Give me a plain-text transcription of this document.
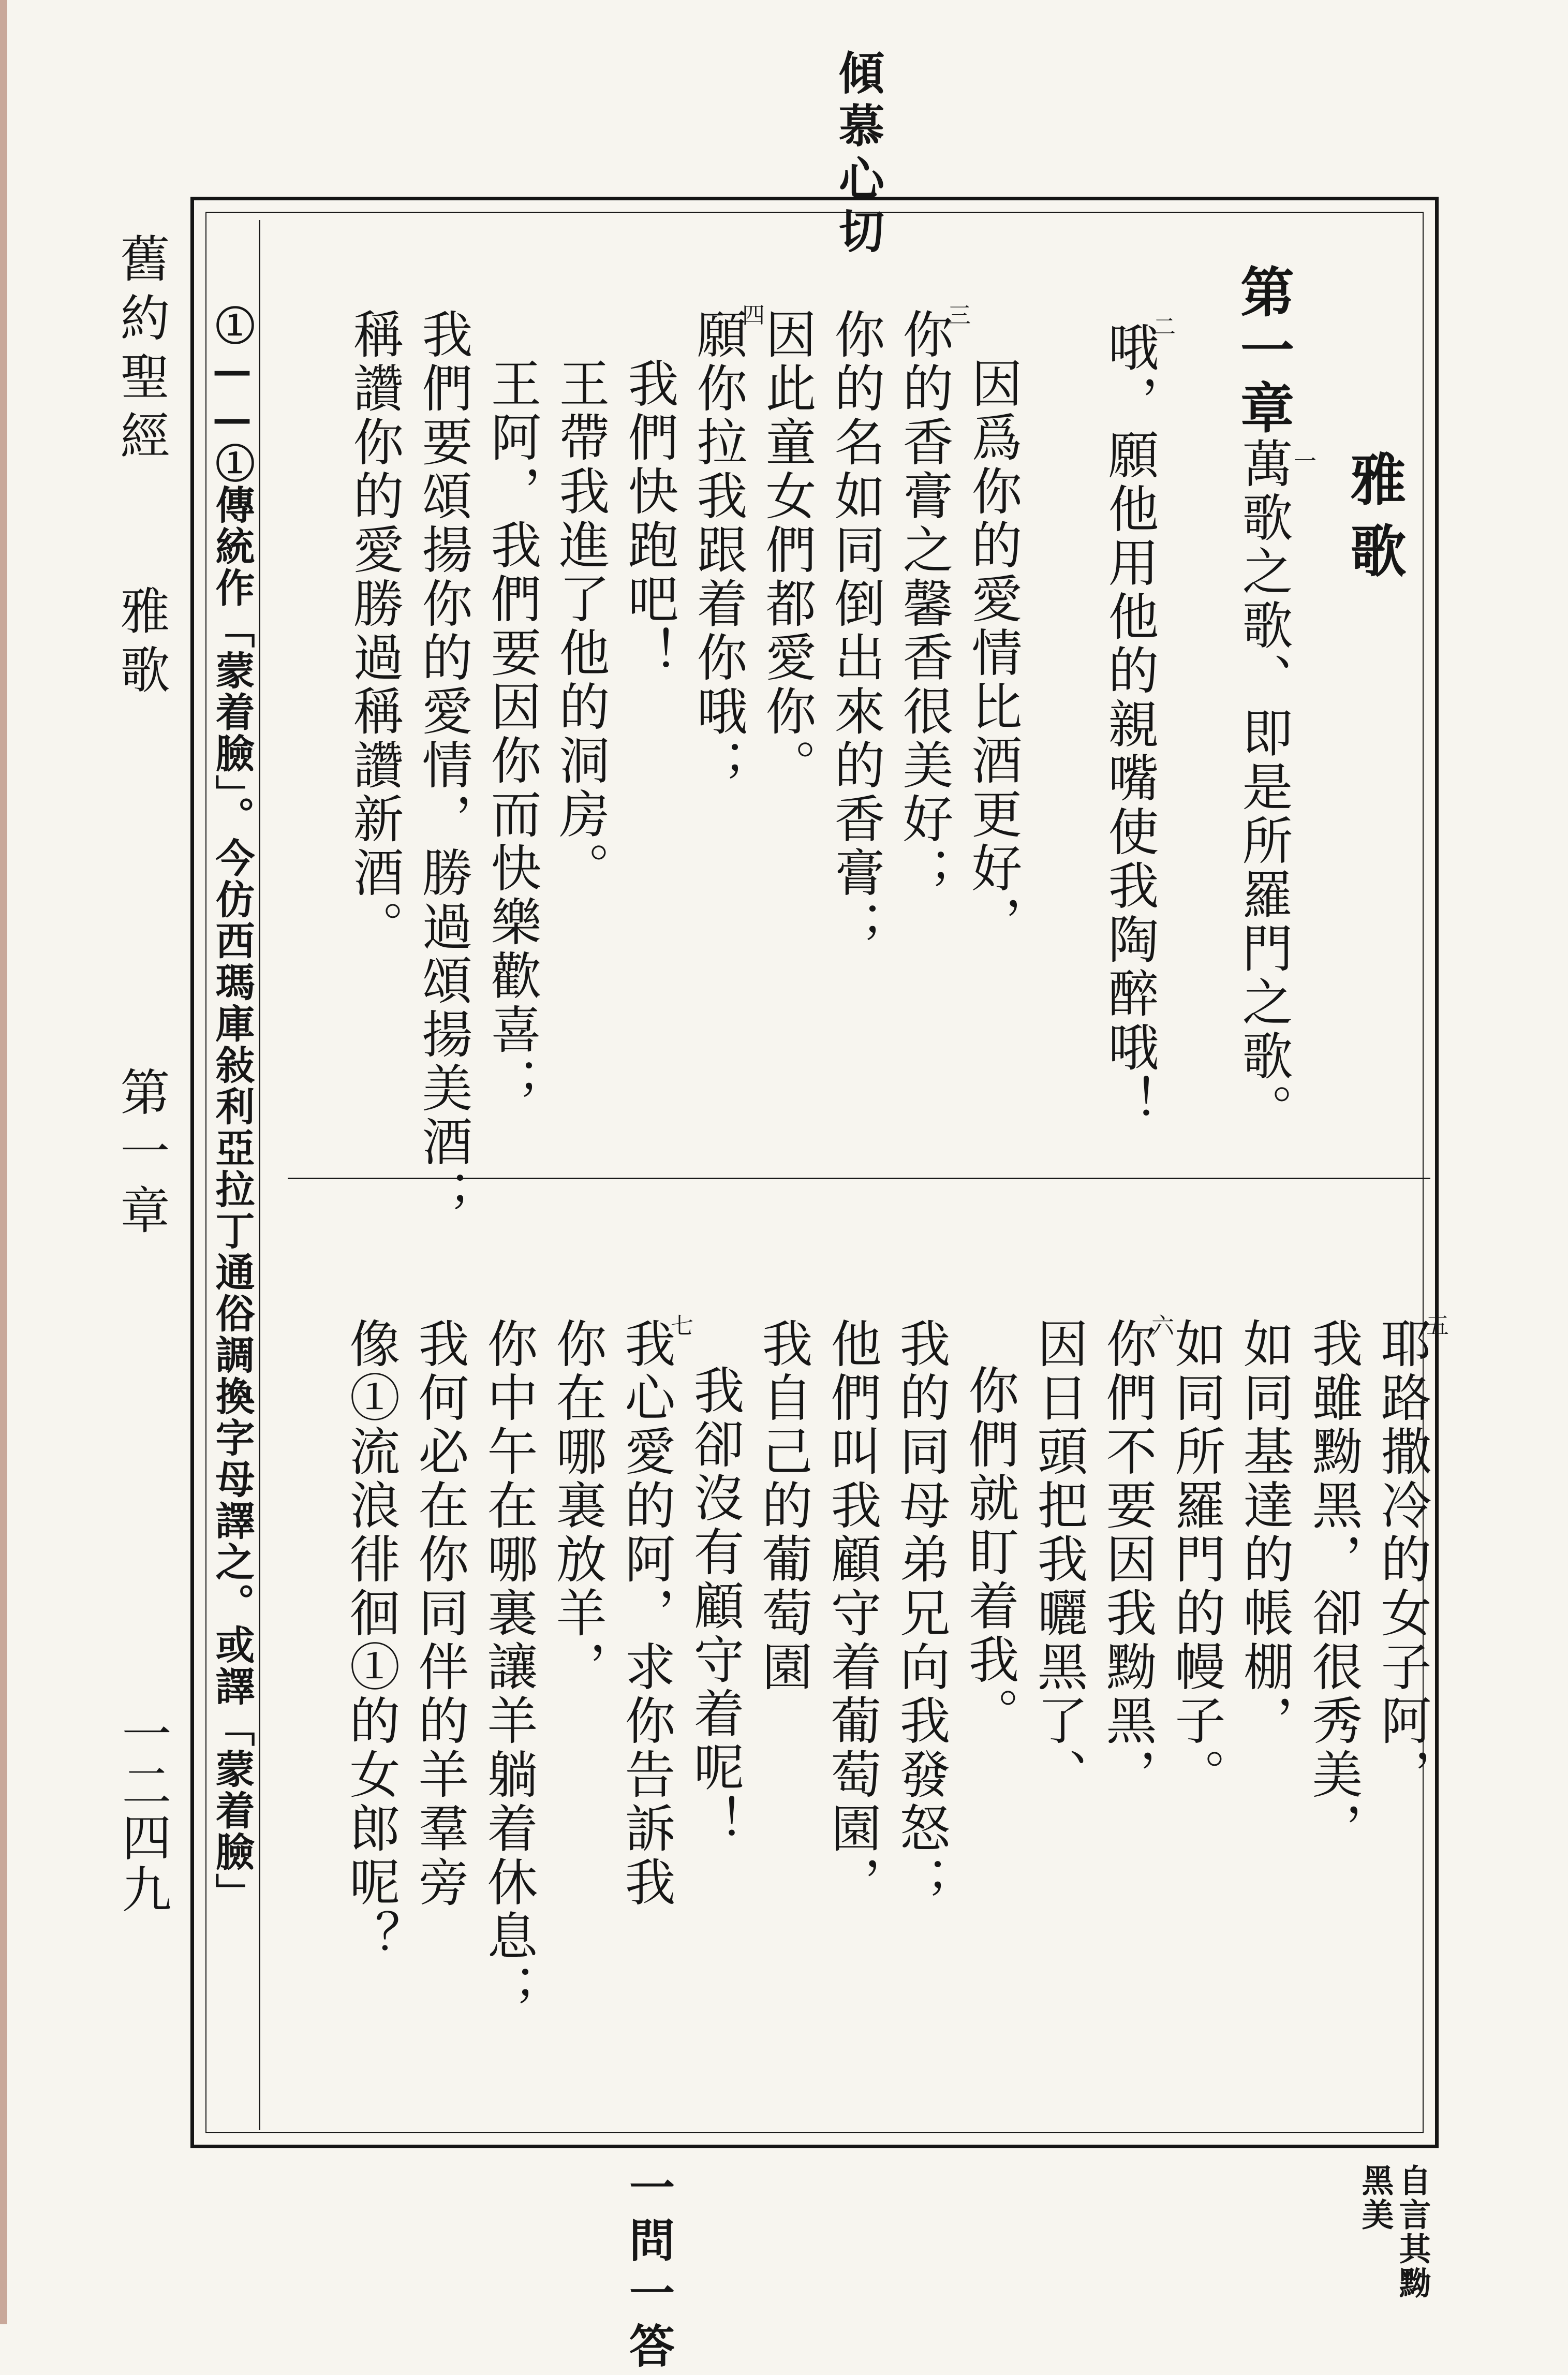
傾慕心切
一問一答	自言其黝
黑美
舊約聖經
雅歌
第一章
一二四九
雅歌
第一章
萬歌之歌、即是所羅門之歌。
哦，願他用他的親嘴使我陶醉哦！
因爲你的愛情比酒更好，
你的香膏之馨香很美好；
你的名如同倒出來的香膏；
因此童女們都愛你。
願你拉我跟着你哦；
我們快跑吧！
王帶我進了他的洞房。
王阿，我們要因你而快樂歡喜；
我們要頌揚你的愛情，勝過頌揚美酒；
稱讚你的愛勝過稱讚新酒。	一
二
三
四
耶路撒冷的女子阿，
我雖黝黑，卻很秀美，
如同基達的帳棚，
如同所羅門的幔子。
你們不要因我黝黑，
因日頭把我曬黑了、
你們就盯着我。
我的同母弟兄向我發怒；
他們叫我顧守着葡萄園，
我自己的葡萄園
我卻沒有顧守着呢！
我心愛的阿，求你告訴我
你在哪裏放羊，
你中午在哪裏讓羊躺着休息；
我何必在你同伴的羊羣旁
像①流浪徘徊①的女郎呢？	五
六
七
①——①傳統作「蒙着臉」。今仿西瑪庫敍利亞拉丁通俗調換字母譯之。或譯「蒙着臉」
